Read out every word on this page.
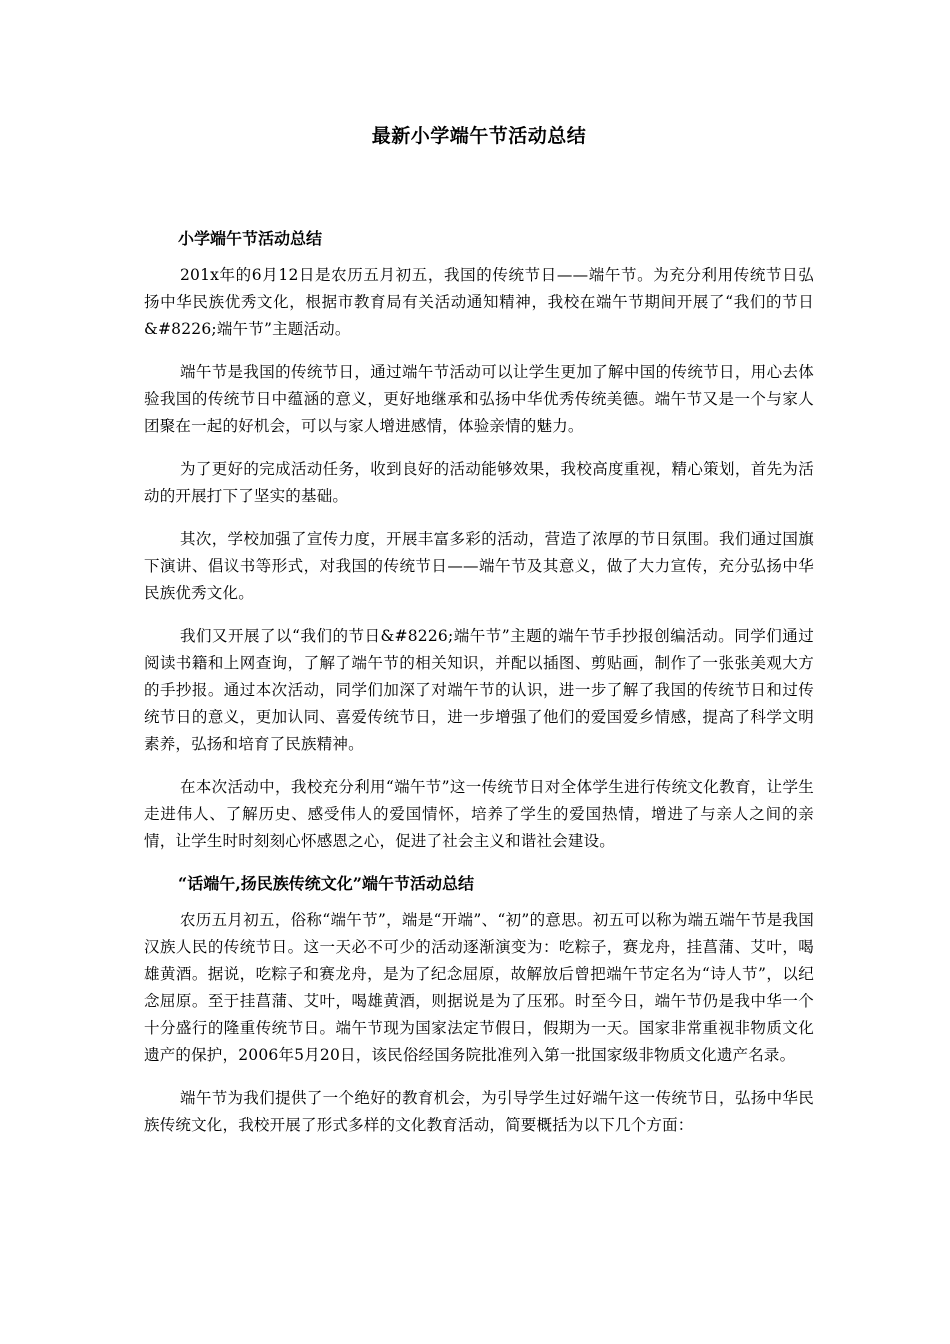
最新小学端午节活动总结
小学端午节活动总结

201x年的6月12日是农历五月初五，我国的传统节日——端午节。为充分利用传统节日弘扬中华民族优秀文化，根据市教育局有关活动通知精神，我校在端午节期间开展了“我们的节日&#8226;端午节”主题活动。

端午节是我国的传统节日，通过端午节活动可以让学生更加了解中国的传统节日，用心去体验我国的传统节日中蕴涵的意义，更好地继承和弘扬中华优秀传统美德。端午节又是一个与家人团聚在一起的好机会，可以与家人增进感情，体验亲情的魅力。

为了更好的完成活动任务，收到良好的活动能够效果，我校高度重视，精心策划，首先为活动的开展打下了坚实的基础。

其次，学校加强了宣传力度，开展丰富多彩的活动，营造了浓厚的节日氛围。我们通过国旗下演讲、倡议书等形式，对我国的传统节日——端午节及其意义，做了大力宣传，充分弘扬中华民族优秀文化。

我们又开展了以“我们的节日&#8226;端午节”主题的端午节手抄报创编活动。同学们通过阅读书籍和上网查询，了解了端午节的相关知识，并配以插图、剪贴画，制作了一张张美观大方的手抄报。通过本次活动，同学们加深了对端午节的认识，进一步了解了我国的传统节日和过传统节日的意义，更加认同、喜爱传统节日，进一步增强了他们的爱国爱乡情感，提高了科学文明素养，弘扬和培育了民族精神。

在本次活动中，我校充分利用“端午节”这一传统节日对全体学生进行传统文化教育，让学生走进伟人、了解历史、感受伟人的爱国情怀，培养了学生的爱国热情，增进了与亲人之间的亲情，让学生时时刻刻心怀感恩之心，促进了社会主义和谐社会建设。

“话端午,扬民族传统文化”端午节活动总结

农历五月初五，俗称“端午节”，端是“开端”、“初”的意思。初五可以称为端五端午节是我国汉族人民的传统节日。这一天必不可少的活动逐渐演变为：吃粽子，赛龙舟，挂菖蒲、艾叶，喝雄黄酒。据说，吃粽子和赛龙舟，是为了纪念屈原，故解放后曾把端午节定名为“诗人节”，以纪念屈原。至于挂菖蒲、艾叶，喝雄黄酒，则据说是为了压邪。时至今日，端午节仍是我中华一个十分盛行的隆重传统节日。端午节现为国家法定节假日，假期为一天。国家非常重视非物质文化遗产的保护，2006年5月20日，该民俗经国务院批准列入第一批国家级非物质文化遗产名录。

端午节为我们提供了一个绝好的教育机会，为引导学生过好端午这一传统节日，弘扬中华民族传统文化，我校开展了形式多样的文化教育活动，简要概括为以下几个方面：
